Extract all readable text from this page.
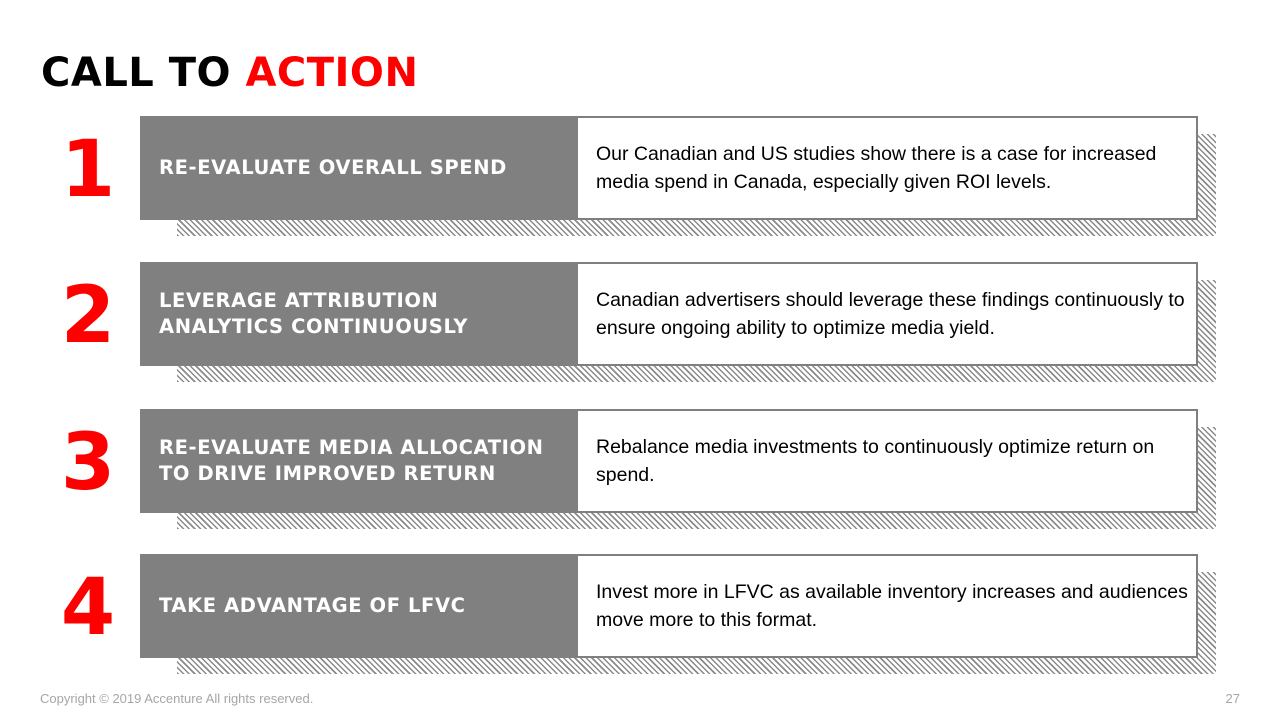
CALL TO ACTION
1 RE-EVALUATE OVERALL SPEND
Our Canadian and US studies show there is a case for increased media spend in Canada, especially given ROI levels.
2 LEVERAGE ATTRIBUTION
ANALYTICS CONTINUOUSLY
Canadian advertisers should leverage these findings continuously to ensure ongoing ability to optimize media yield.
3 RE-EVALUATE MEDIA ALLOCATION
TO DRIVE IMPROVED RETURN
Rebalance media investments to continuously optimize return on spend.
4 TAKE ADVANTAGE OF LFVC
Invest more in LFVC as available inventory increases and audiences move more to this format.
Copyright © 2019 Accenture All rights reserved.	27
